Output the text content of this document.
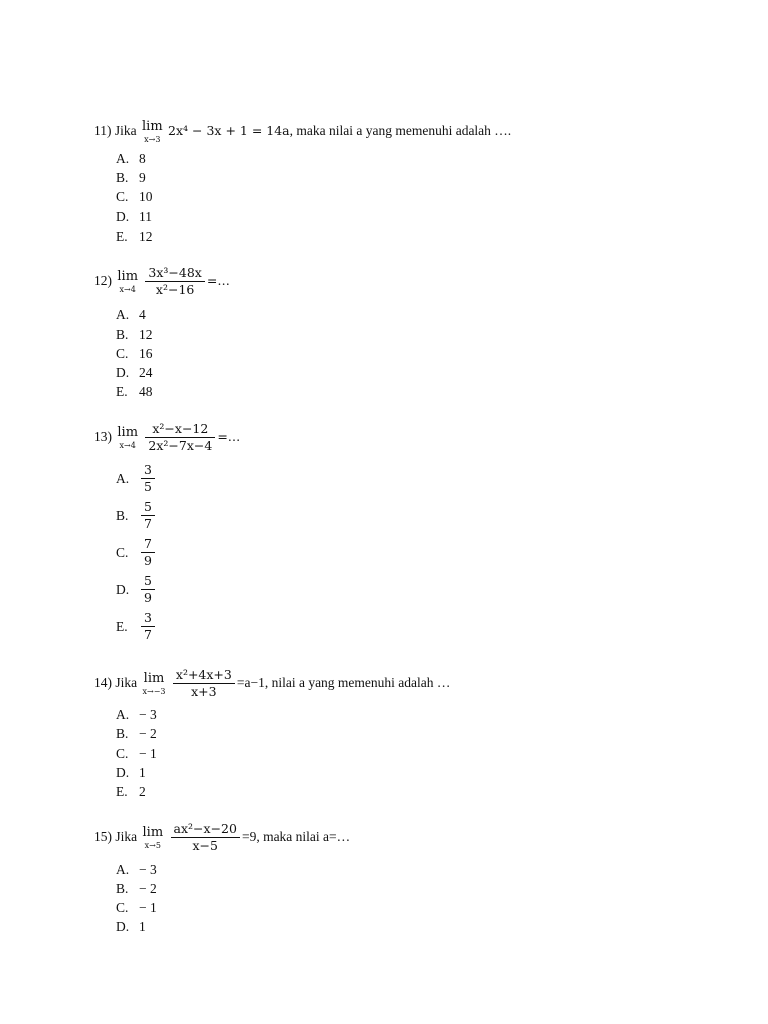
11) Jika lim
x→3
2x⁴ − 3x + 1 = 14a, maka nilai a yang memenuhi adalah ….
A. 8
B. 9
C. 10
D. 11
E. 12
12) lim
x→4
$\frac{\text{3x³−48x}}{\text{x²−16}}$ =…
A. 4
B. 12
C. 16
D. 24
E. 48
13) lim
x→4
$\frac{\text{x²−x−12}}{\text{2x²−7x−4}}$ =…
A. $\frac{3}{5}$
B. $\frac{5}{7}$
C. $\frac{7}{9}$
D. $\frac{5}{9}$
E. $\frac{3}{7}$
14) Jika lim
x→−3
$\frac{\text{x²+4x+3}}{x+3} =a-1$, nilai a yang memenuhi adalah …
A. − 3
B. − 2
C. − 1
D. 1
E. 2
15) Jika lim
x→5
$\frac{\text{ax²−x−20}}{x-5} =9$, maka nilai a=…
A. − 3
B. − 2
C. − 1
D. 1
